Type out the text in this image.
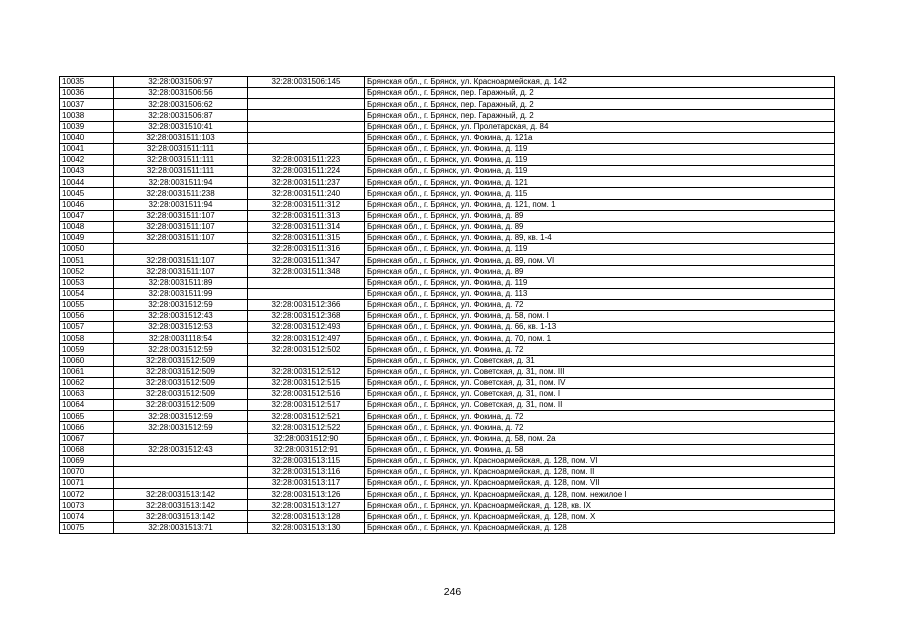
10035	32:28:0031506:97	32:28:0031506:145	Брянская обл., г. Брянск, ул. Красноармейская, д. 142
10036	32:28:0031506:56		Брянская обл., г. Брянск, пер. Гаражный, д. 2
10037	32:28:0031506:62		Брянская обл., г. Брянск, пер. Гаражный, д. 2
10038	32:28:0031506:87		Брянская обл., г. Брянск, пер. Гаражный, д. 2
10039	32:28:0031510:41		Брянская обл., г. Брянск, ул. Пролетарская, д. 84
10040	32:28:0031511:103		Брянская обл., г. Брянск, ул. Фокина, д. 121а
10041	32:28:0031511:111		Брянская обл., г. Брянск, ул. Фокина, д. 119
10042	32:28:0031511:111	32:28:0031511:223	Брянская обл., г. Брянск, ул. Фокина, д. 119
10043	32:28:0031511:111	32:28:0031511:224	Брянская обл., г. Брянск, ул. Фокина, д. 119
10044	32:28:0031511:94	32:28:0031511:237	Брянская обл., г. Брянск, ул. Фокина, д. 121
10045	32:28:0031511:238	32:28:0031511:240	Брянская обл., г. Брянск, ул. Фокина, д. 115
10046	32:28:0031511:94	32:28:0031511:312	Брянская обл., г. Брянск, ул. Фокина, д. 121, пом. 1
10047	32:28:0031511:107	32:28:0031511:313	Брянская обл., г. Брянск, ул. Фокина, д. 89
10048	32:28:0031511:107	32:28:0031511:314	Брянская обл., г. Брянск, ул. Фокина, д. 89
10049	32:28:0031511:107	32:28:0031511:315	Брянская обл., г. Брянск, ул. Фокина, д. 89, кв. 1-4
10050		32:28:0031511:316	Брянская обл., г. Брянск, ул. Фокина, д. 119
10051	32:28:0031511:107	32:28:0031511:347	Брянская обл., г. Брянск, ул. Фокина, д. 89, пом. VI
10052	32:28:0031511:107	32:28:0031511:348	Брянская обл., г. Брянск, ул. Фокина, д. 89
10053	32:28:0031511:89		Брянская обл., г. Брянск, ул. Фокина, д. 119
10054	32:28:0031511:99		Брянская обл., г. Брянск, ул. Фокина, д. 113
10055	32:28:0031512:59	32:28:0031512:366	Брянская обл., г. Брянск, ул. Фокина, д. 72
10056	32:28:0031512:43	32:28:0031512:368	Брянская обл., г. Брянск, ул. Фокина, д. 58, пом. I
10057	32:28:0031512:53	32:28:0031512:493	Брянская обл., г. Брянск, ул. Фокина, д. 66, кв. 1-13
10058	32:28:0031118:54	32:28:0031512:497	Брянская обл., г. Брянск, ул. Фокина, д. 70, пом. 1
10059	32:28:0031512:59	32:28:0031512:502	Брянская обл., г. Брянск, ул. Фокина, д. 72
10060	32:28:0031512:509		Брянская обл., г. Брянск, ул. Советская, д. 31
10061	32:28:0031512:509	32:28:0031512:512	Брянская обл., г. Брянск, ул. Советская, д. 31, пом. III
10062	32:28:0031512:509	32:28:0031512:515	Брянская обл., г. Брянск, ул. Советская, д. 31, пом. IV
10063	32:28:0031512:509	32:28:0031512:516	Брянская обл., г. Брянск, ул. Советская, д. 31, пом. I
10064	32:28:0031512:509	32:28:0031512:517	Брянская обл., г. Брянск, ул. Советская, д. 31, пом. II
10065	32:28:0031512:59	32:28:0031512:521	Брянская обл., г. Брянск, ул. Фокина, д. 72
10066	32:28:0031512:59	32:28:0031512:522	Брянская обл., г. Брянск, ул. Фокина, д. 72
10067		32:28:0031512:90	Брянская обл., г. Брянск, ул. Фокина, д. 58, пом. 2а
10068	32:28:0031512:43	32:28:0031512:91	Брянская обл., г. Брянск, ул. Фокина, д. 58
10069		32:28:0031513:115	Брянская обл., г. Брянск, ул. Красноармейская, д. 128, пом. VI
10070		32:28:0031513:116	Брянская обл., г. Брянск, ул. Красноармейская, д. 128, пом. II
10071		32:28:0031513:117	Брянская обл., г. Брянск, ул. Красноармейская, д. 128, пом. VII
10072	32:28:0031513:142	32:28:0031513:126	Брянская обл., г. Брянск, ул. Красноармейская, д. 128, пом. нежилое I
10073	32:28:0031513:142	32:28:0031513:127	Брянская обл., г. Брянск, ул. Красноармейская, д. 128, кв. IX
10074	32:28:0031513:142	32:28:0031513:128	Брянская обл., г. Брянск, ул. Красноармейская, д. 128, пом. X
10075	32:28:0031513:71	32:28:0031513:130	Брянская обл., г. Брянск, ул. Красноармейская, д. 128
246
